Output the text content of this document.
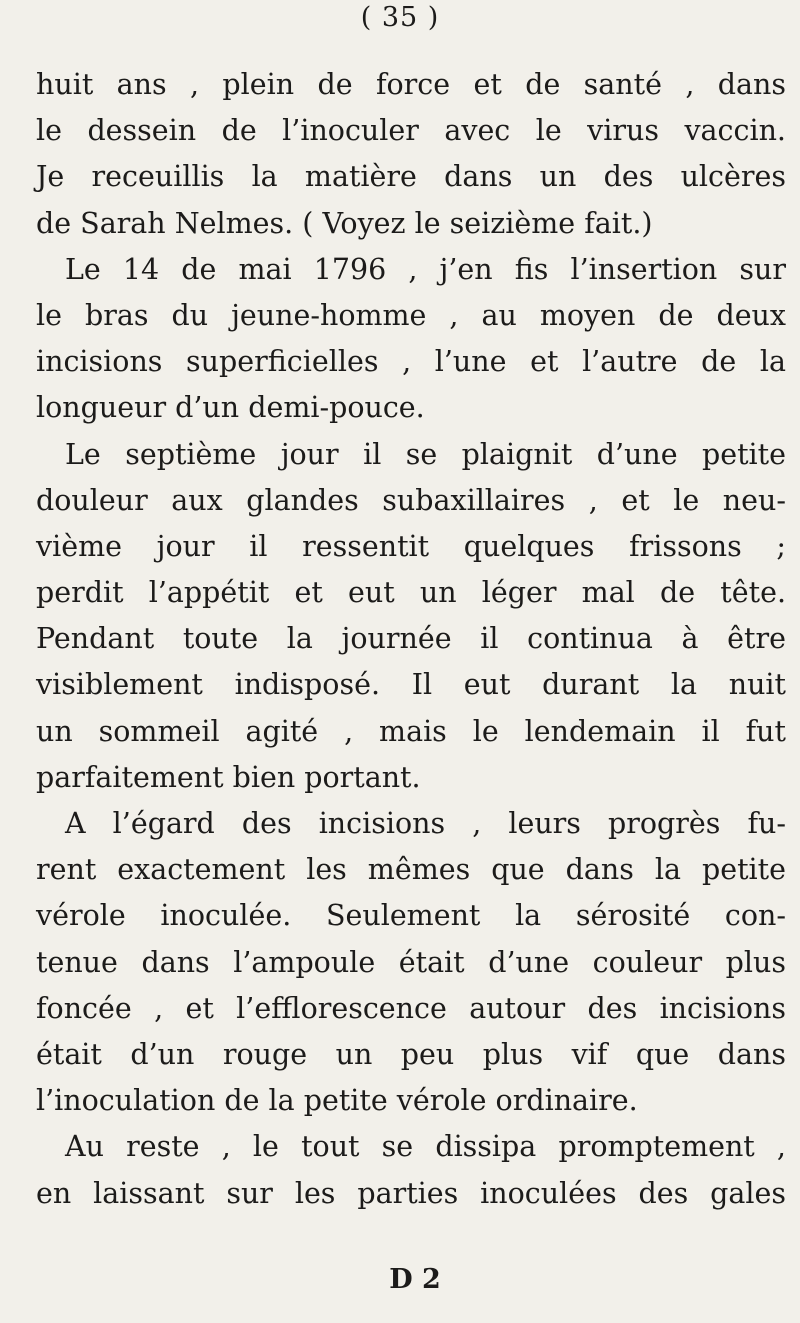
( 35 )
huit ans , plein de force et de santé , dans
le dessein de l’inoculer avec le virus vaccin.
Je receuillis la matière dans un des ulcères
de Sarah Nelmes. ( Voyez le seizième fait.)
Le 14 de mai 1796 , j’en fis l’insertion sur
le bras du jeune-homme , au moyen de deux
incisions superficielles , l’une et l’autre de la
longueur d’un demi-pouce.
Le septième jour il se plaignit d’une petite
douleur aux glandes subaxillaires , et le neu-
vième jour il ressentit quelques frissons ;
perdit l’appétit et eut un léger mal de tête.
Pendant toute la journée il continua à être
visiblement indisposé. Il eut durant la nuit
un sommeil agité , mais le lendemain il fut
parfaitement bien portant.
A l’égard des incisions , leurs progrès fu-
rent exactement les mêmes que dans la petite
vérole inoculée. Seulement la sérosité con-
tenue dans l’ampoule était d’une couleur plus
foncée , et l’efflorescence autour des incisions
était d’un rouge un peu plus vif que dans
l’inoculation de la petite vérole ordinaire.
Au reste , le tout se dissipa promptement ,
en laissant sur les parties inoculées des gales
D 2
